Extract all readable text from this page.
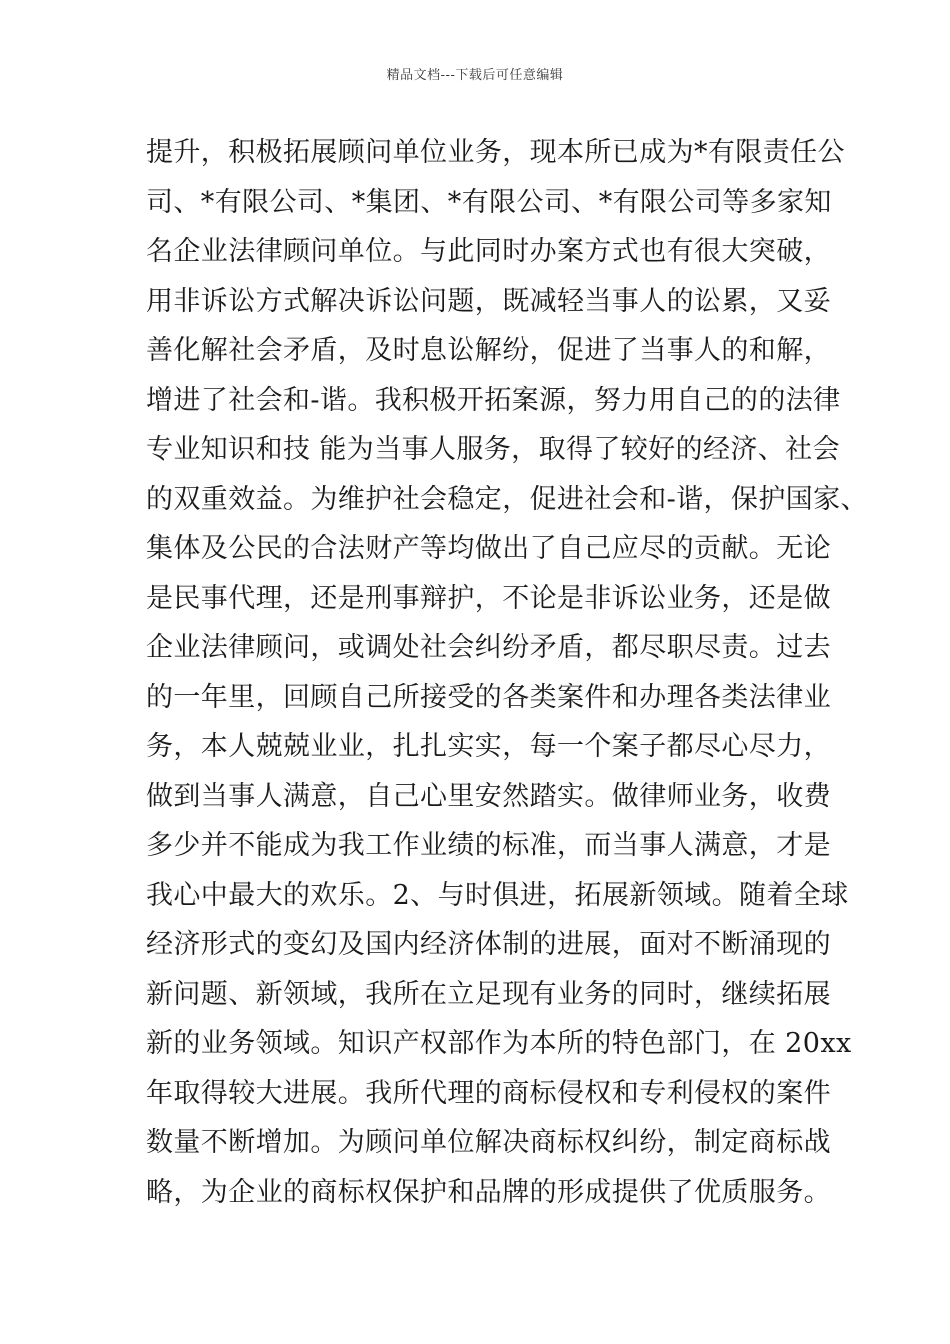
精品文档---下载后可任意编辑
提升，积极拓展顾问单位业务，现本所已成为*有限责任公
司、*有限公司、*集团、*有限公司、*有限公司等多家知
名企业法律顾问单位。与此同时办案方式也有很大突破，
用非诉讼方式解决诉讼问题，既减轻当事人的讼累，又妥
善化解社会矛盾，及时息讼解纷，促进了当事人的和解，
增进了社会和-谐。我积极开拓案源，努力用自己的的法律
专业知识和技 能为当事人服务，取得了较好的经济、社会
的双重效益。为维护社会稳定，促进社会和-谐，保护国家、
集体及公民的合法财产等均做出了自己应尽的贡献。无论
是民事代理，还是刑事辩护，不论是非诉讼业务，还是做
企业法律顾问，或调处社会纠纷矛盾，都尽职尽责。过去
的一年里，回顾自己所接受的各类案件和办理各类法律业
务，本人兢兢业业，扎扎实实，每一个案子都尽心尽力，
做到当事人满意，自己心里安然踏实。做律师业务，收费
多少并不能成为我工作业绩的标准，而当事人满意，才是
我心中最大的欢乐。2、与时俱进，拓展新领域。随着全球
经济形式的变幻及国内经济体制的进展，面对不断涌现的
新问题、新领域，我所在立足现有业务的同时，继续拓展
新的业务领域。知识产权部作为本所的特色部门，在 20xx
年取得较大进展。我所代理的商标侵权和专利侵权的案件
数量不断增加。为顾问单位解决商标权纠纷，制定商标战
略，为企业的商标权保护和品牌的形成提供了优质服务。
